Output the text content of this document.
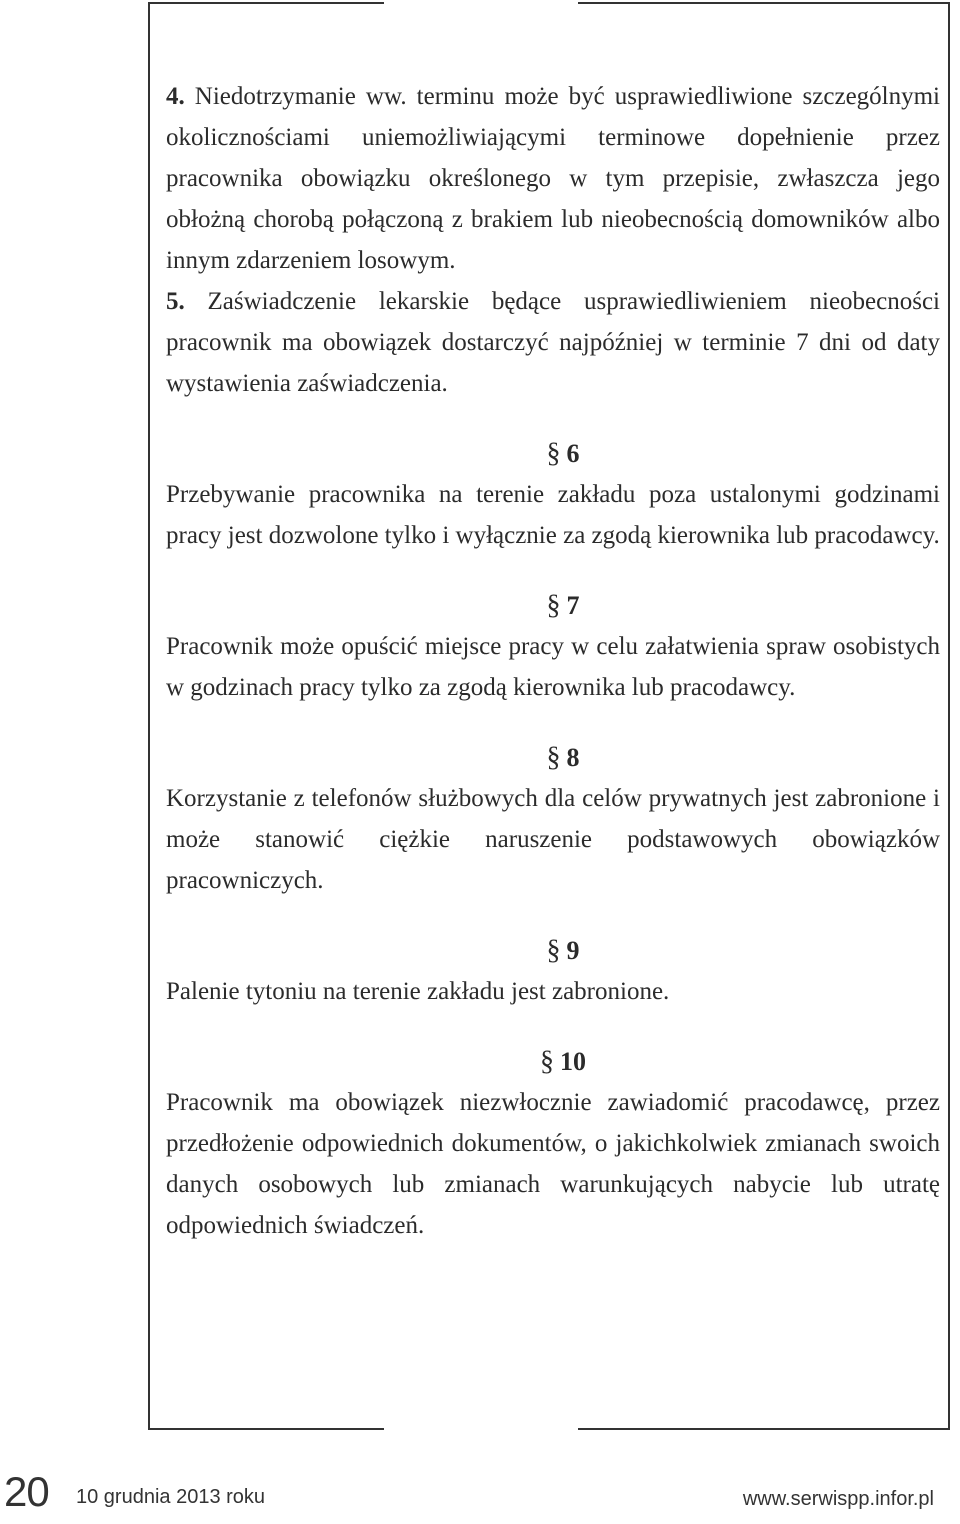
4. Niedotrzymanie ww. terminu może być usprawiedliwione szczególnymi okolicznościami uniemożliwiającymi terminowe dopełnienie przez pracownika obowiązku określonego w tym przepisie, zwłaszcza jego obłożną chorobą połączoną z brakiem lub nieobecnością domowników albo innym zdarzeniem losowym.

5. Zaświadczenie lekarskie będące usprawiedliwieniem nieobecności pracownik ma obowiązek dostarczyć najpóźniej w terminie 7 dni od daty wystawienia zaświadczenia.

§ 6

Przebywanie pracownika na terenie zakładu poza ustalonymi godzinami pracy jest dozwolone tylko i wyłącznie za zgodą kierownika lub pracodawcy.

§ 7

Pracownik może opuścić miejsce pracy w celu załatwienia spraw osobistych w godzinach pracy tylko za zgodą kierownika lub pracodawcy.

§ 8

Korzystanie z telefonów służbowych dla celów prywatnych jest zabronione i może stanowić ciężkie naruszenie podstawowych obowiązków pracowniczych.

§ 9

Palenie tytoniu na terenie zakładu jest zabronione.

§ 10

Pracownik ma obowiązek niezwłocznie zawiadomić pracodawcę, przez przedłożenie odpowiednich dokumentów, o jakichkolwiek zmianach swoich danych osobowych lub zmianach warunkujących nabycie lub utratę odpowiednich świadczeń.

20 10 grudnia 2013 roku	www.serwispp.infor.pl
